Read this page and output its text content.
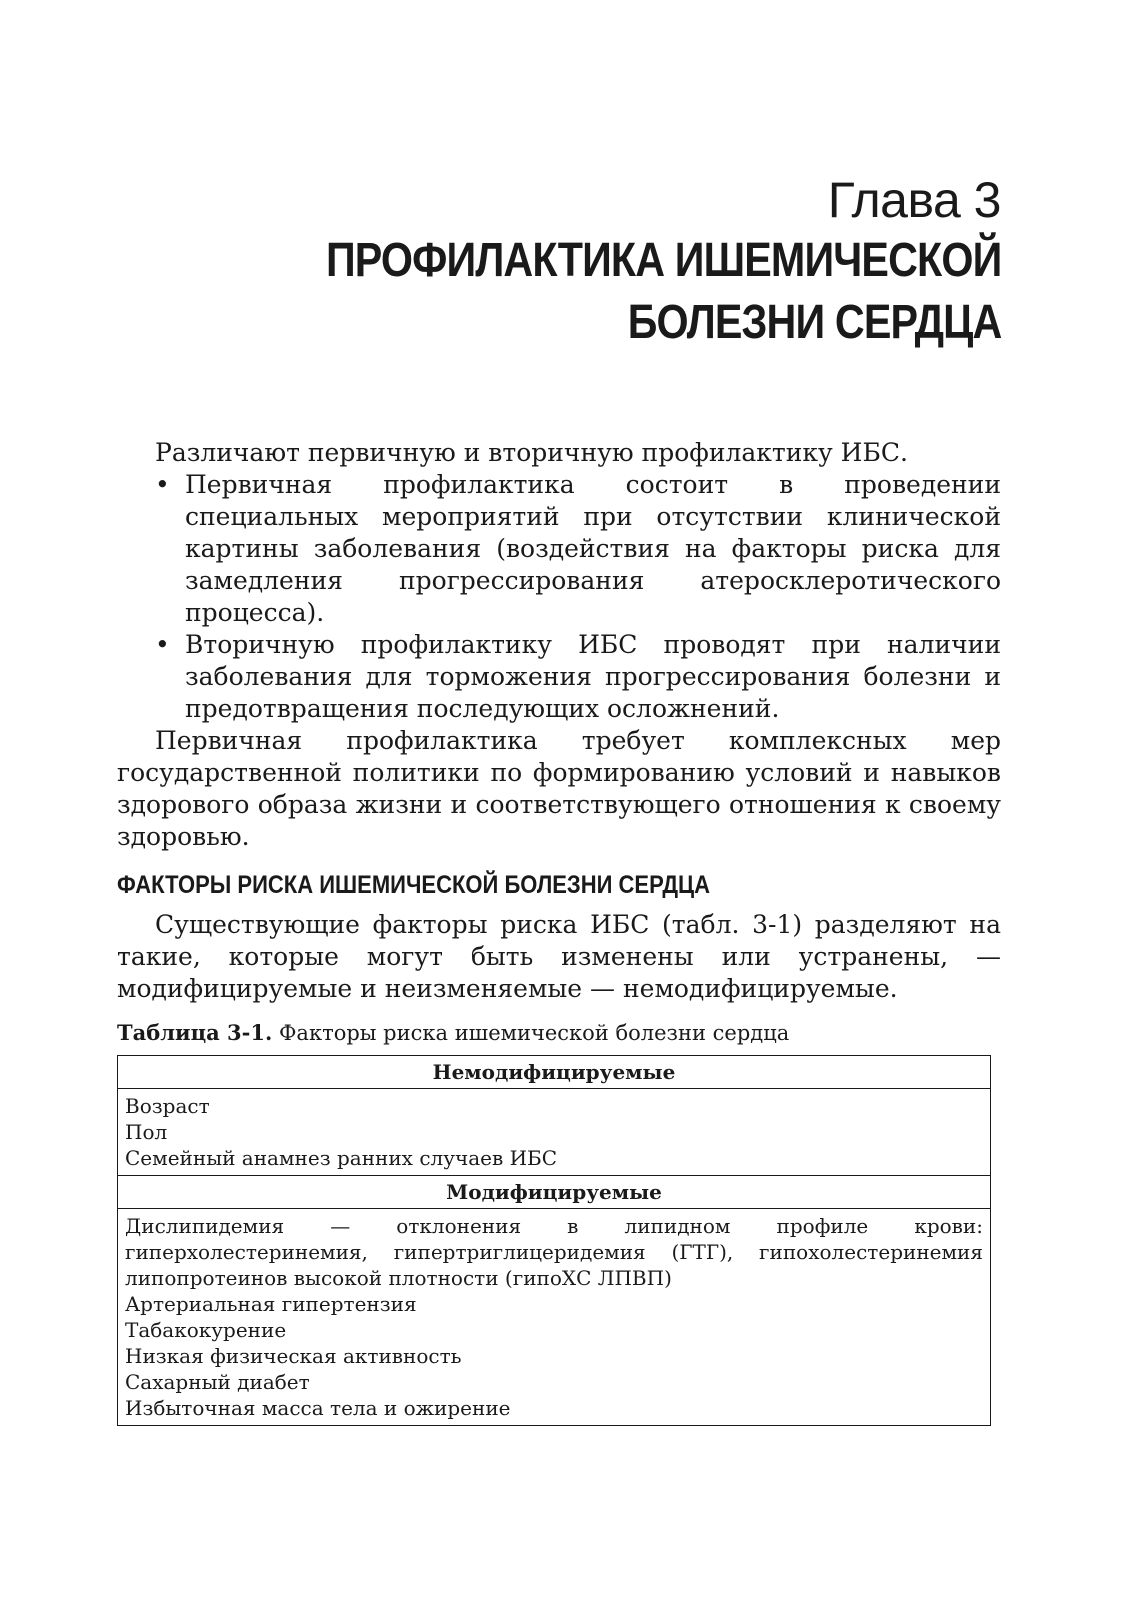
Глава 3
ПРОФИЛАКТИКА ИШЕМИЧЕСКОЙ
БОЛЕЗНИ СЕРДЦА

Различают первичную и вторичную профилактику ИБС.

• Первичная профилактика состоит в проведении специальных мероприятий при отсутствии клинической картины заболевания (воздействия на факторы риска для замедления прогрессирования атеросклеротического процесса).
• Вторичную профилактику ИБС проводят при наличии заболевания для торможения прогрессирования болезни и предотвращения последующих осложнений.

Первичная профилактика требует комплексных мер государственной политики по формированию условий и навыков здорового образа жизни и соответствующего отношения к своему здоровью.

ФАКТОРЫ РИСКА ИШЕМИЧЕСКОЙ БОЛЕЗНИ СЕРДЦА

Существующие факторы риска ИБС (табл. 3-1) разделяют на такие, которые могут быть изменены или устранены, — модифицируемые и неизменяемые — немодифицируемые.

Таблица 3-1. Факторы риска ишемической болезни сердца
Немодифицируемые

Возраст
Пол
Семейный анамнез ранних случаев ИБС

Модифицируемые

Дислипидемия — отклонения в липидном профиле крови: гиперхолестеринемия, гипертриглицеридемия (ГТГ), гипохолестеринемия липопротеинов высокой плотности (гипоХС ЛПВП)
Артериальная гипертензия
Табакокурение
Низкая физическая активность
Сахарный диабет
Избыточная масса тела и ожирение
